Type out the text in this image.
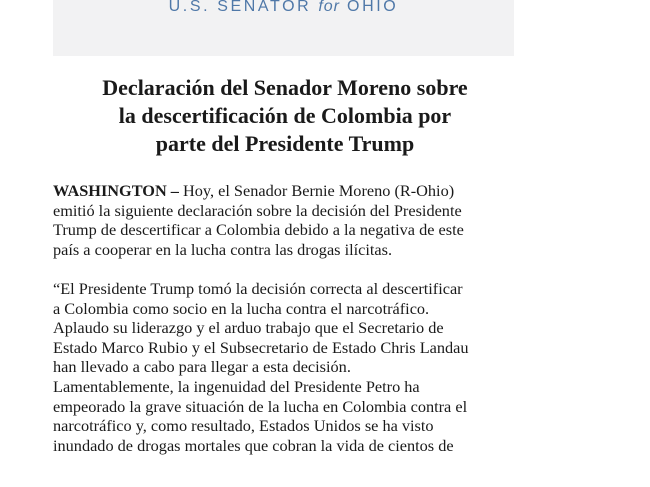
U.S. SENATOR for OHIO
Declaración del Senador Moreno sobre
la descertificación de Colombia por
parte del Presidente Trump

WASHINGTON – Hoy, el Senador Bernie Moreno (R-Ohio)
emitió la siguiente declaración sobre la decisión del Presidente
Trump de descertificar a Colombia debido a la negativa de este
país a cooperar en la lucha contra las drogas ilícitas.

“El Presidente Trump tomó la decisión correcta al descertificar
a Colombia como socio en la lucha contra el narcotráfico.
Aplaudo su liderazgo y el arduo trabajo que el Secretario de
Estado Marco Rubio y el Subsecretario de Estado Chris Landau
han llevado a cabo para llegar a esta decisión.
Lamentablemente, la ingenuidad del Presidente Petro ha
empeorado la grave situación de la lucha en Colombia contra el
narcotráfico y, como resultado, Estados Unidos se ha visto
inundado de drogas mortales que cobran la vida de cientos de
